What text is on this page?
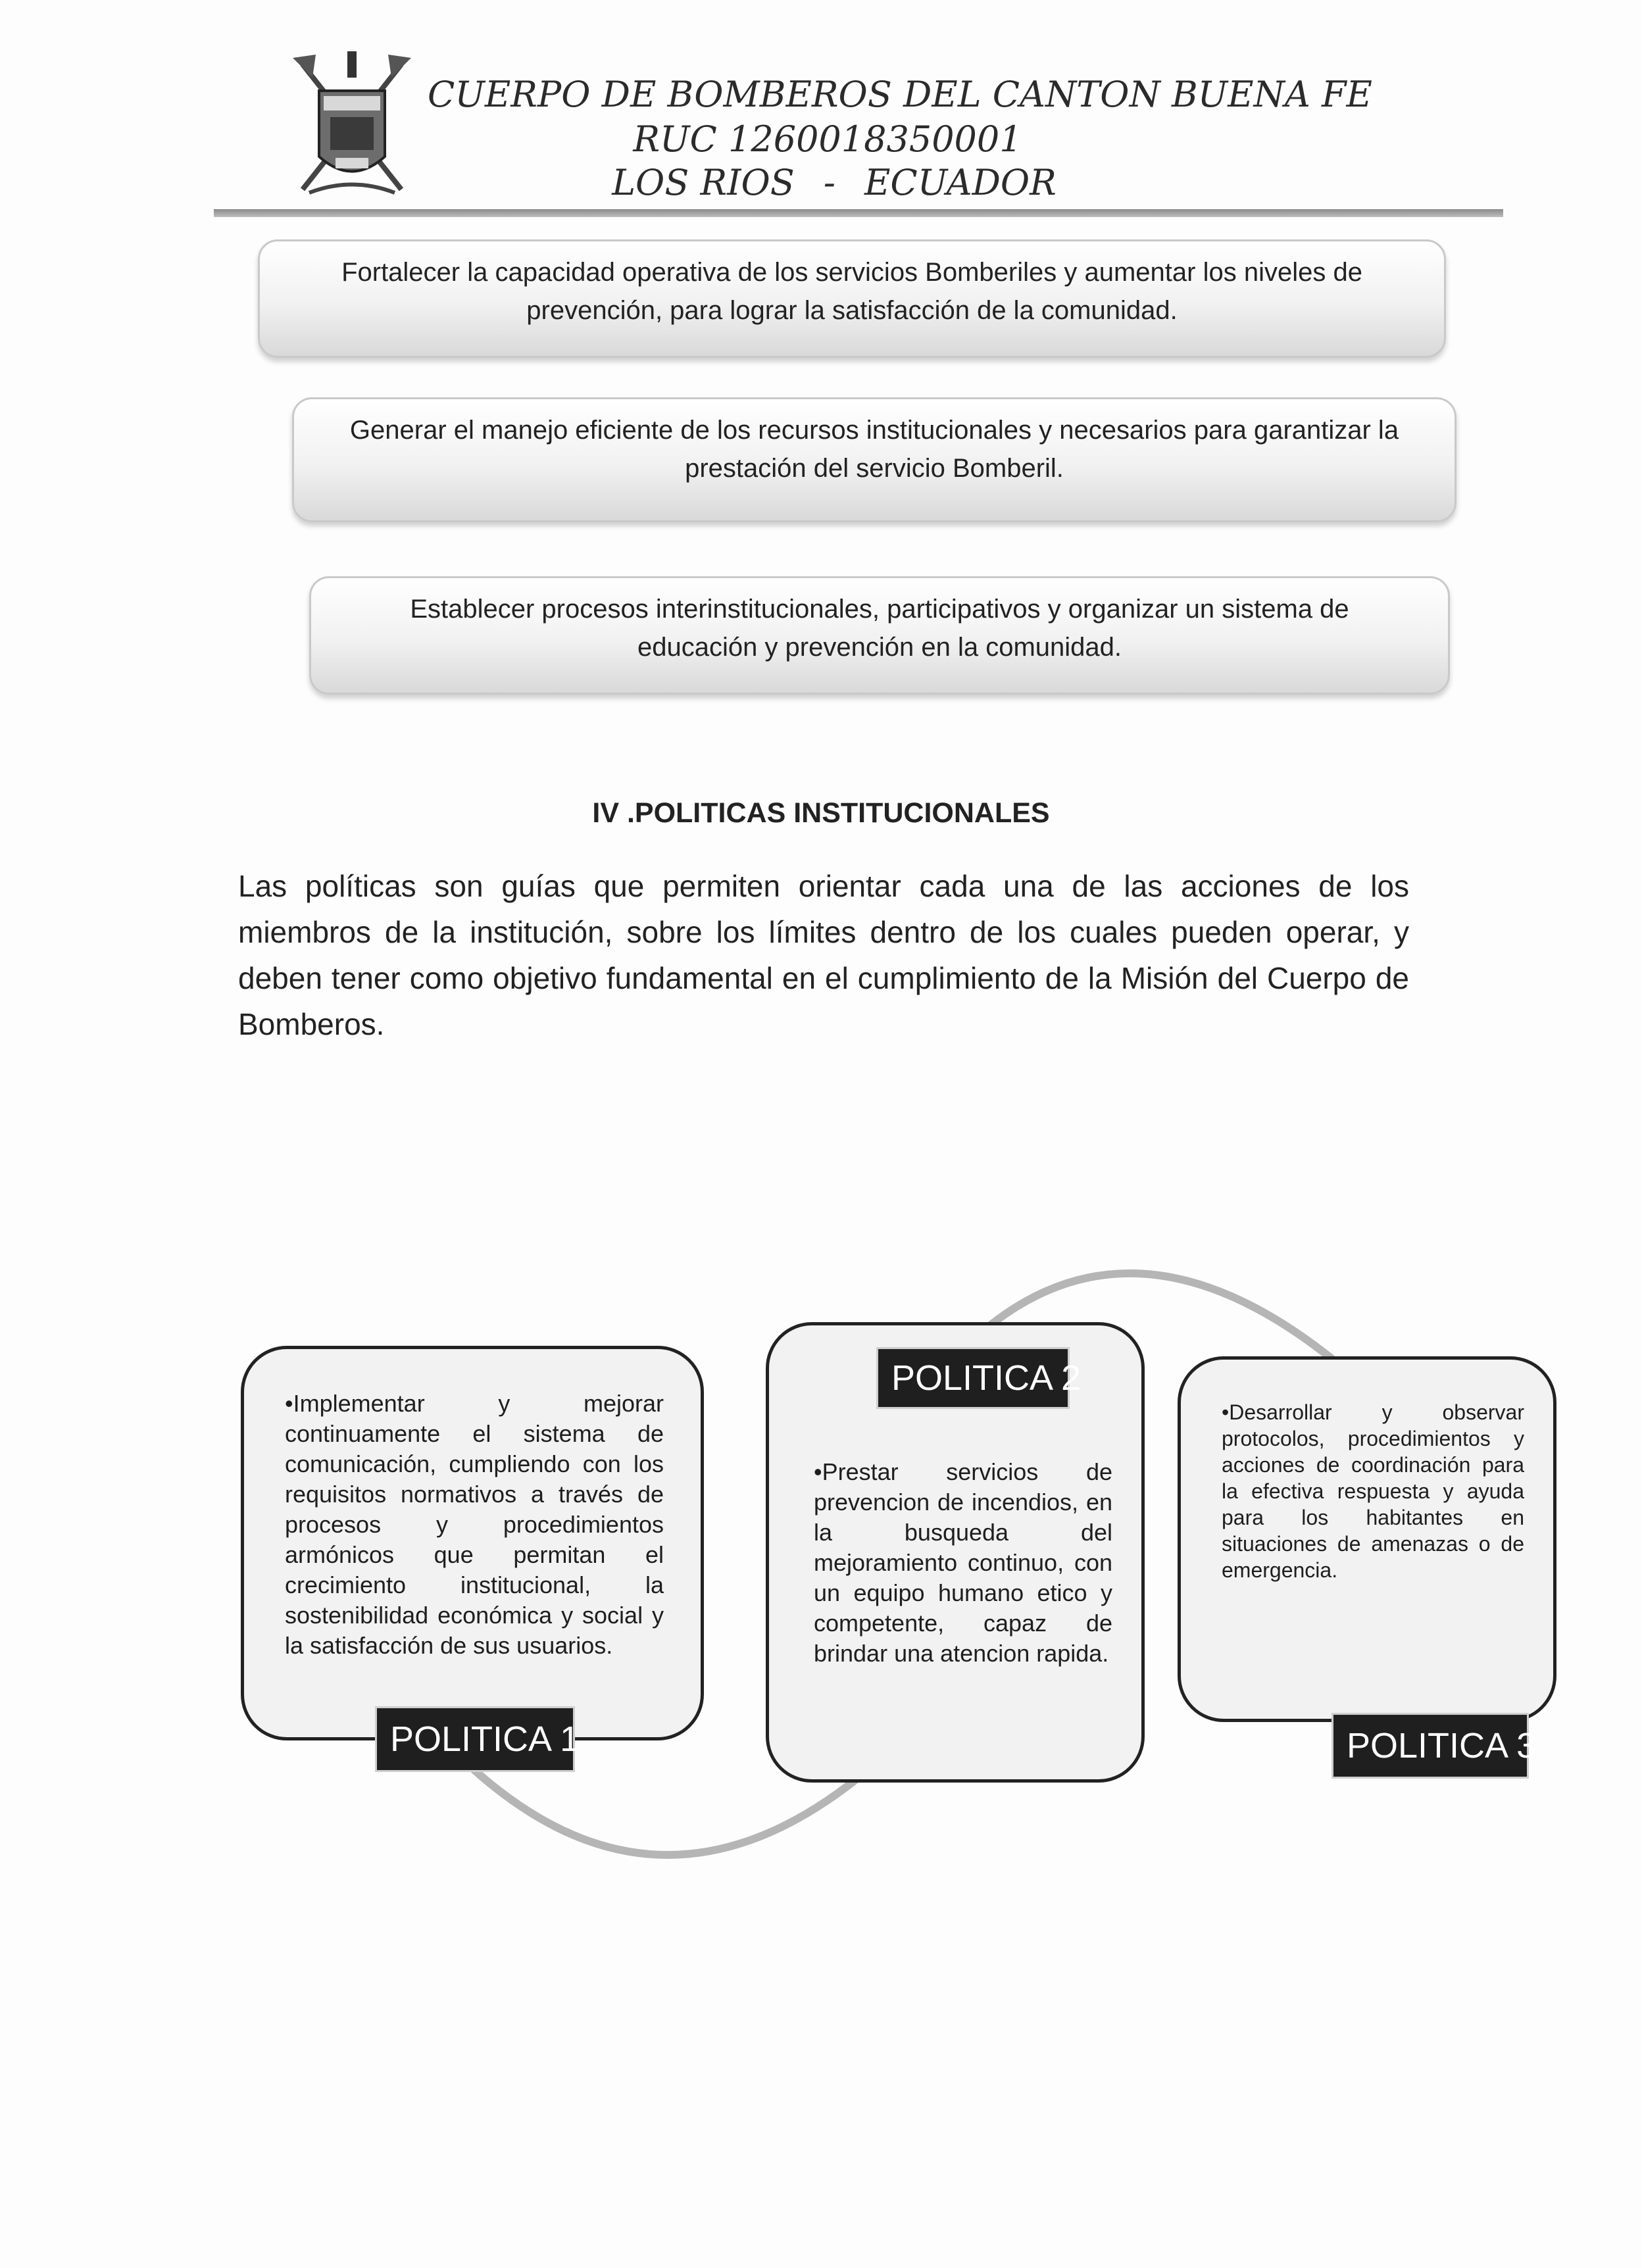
CUERPO DE BOMBEROS DEL CANTON BUENA FE
RUC 1260018350001
LOS RIOS - ECUADOR
Fortalecer la capacidad operativa de los servicios Bomberiles y aumentar los niveles de
prevención, para lograr la satisfacción de la comunidad.
Generar el manejo eficiente de los recursos institucionales y necesarios para garantizar la
prestación del servicio Bomberil.
Establecer procesos interinstitucionales, participativos y organizar un sistema de
educación y prevención en la comunidad.
IV .POLITICAS INSTITUCIONALES
Las políticas son guías que permiten orientar cada una de las acciones de los miembros de la institución, sobre los límites dentro de los cuales pueden operar, y deben tener como objetivo fundamental en el cumplimiento de la Misión del Cuerpo de Bomberos.
•Implementar y mejorar continuamente el sistema de comunicación, cumpliendo con los requisitos normativos a través de procesos y procedimientos armónicos que permitan el crecimiento institucional, la sostenibilidad económica y social y la satisfacción de sus usuarios.
•Prestar servicios de prevencion de incendios, en la busqueda del mejoramiento continuo, con un equipo humano etico y competente, capaz de brindar una atencion rapida.
•Desarrollar y observar protocolos, procedimientos y acciones de coordinación para la efectiva respuesta y ayuda para los habitantes en situaciones de amenazas o de emergencia.
POLITICA 1
POLITICA 2
POLITICA 3
